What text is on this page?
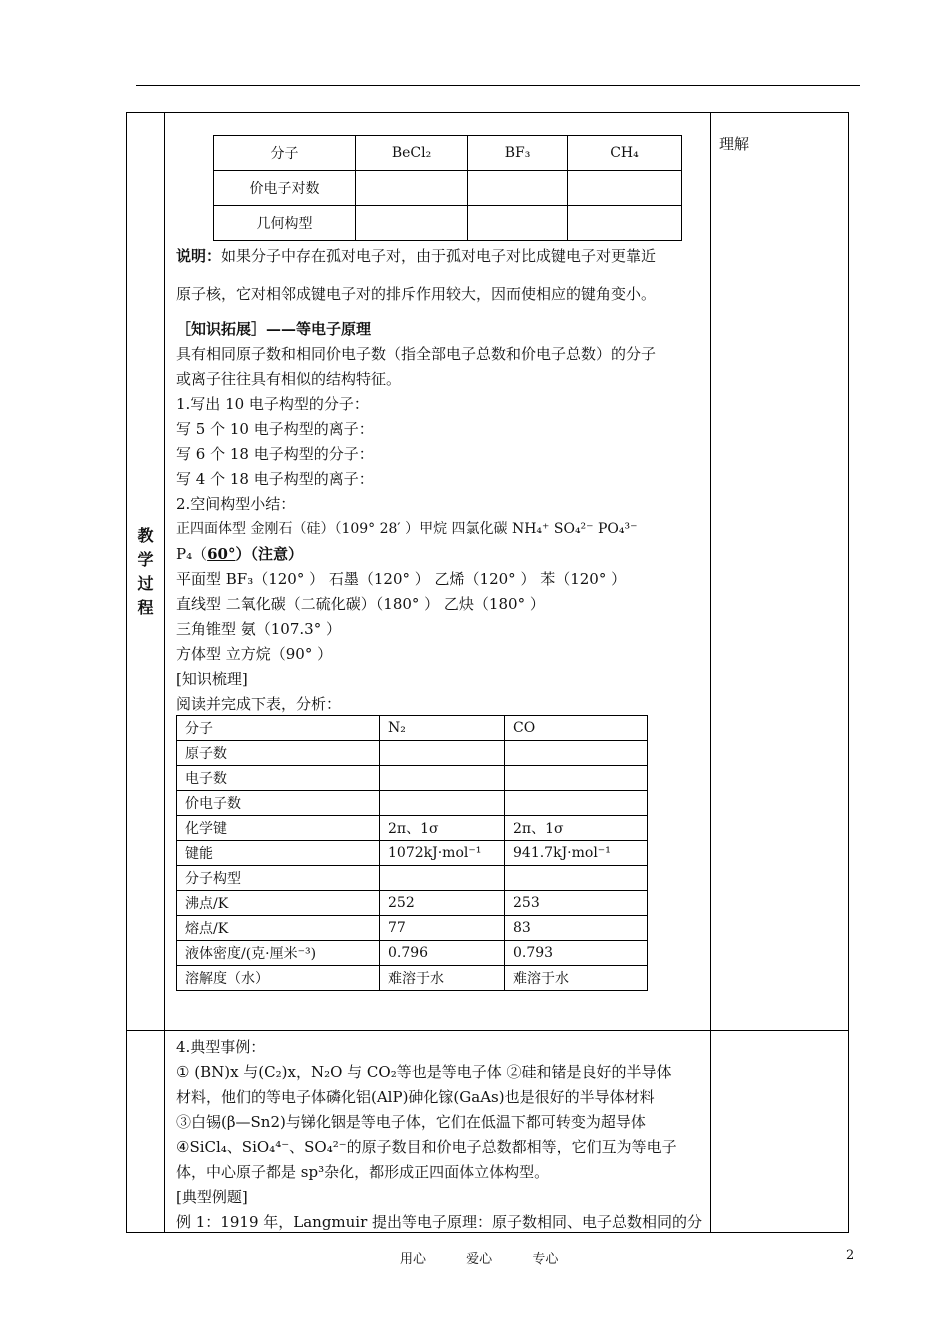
教
学
过
程

分子	BeCl₂	BF₃	CH₄
价电子对数			
几何构型			
	理解

说明：如果分子中存在孤对电子对，由于孤对电子对比成键电子对更靠近
原子核，它对相邻成键电子对的排斥作用较大，因而使相应的键角变小。
［知识拓展］——等电子原理
具有相同原子数和相同价电子数（指全部电子总数和价电子总数）的分子
或离子往往具有相似的结构特征。
1.写出 10 电子构型的分子：
写 5 个 10 电子构型的离子：
写 6 个 18 电子构型的分子：
写 4 个 18 电子构型的离子：
2.空间构型小结：
正四面体型 金刚石（硅）（109° 28′ ）甲烷 四氯化碳 NH₄⁺ SO₄²⁻ PO₄³⁻
P₄（60°）（注意）
平面型 BF₃（120° ） 石墨（120° ） 乙烯（120° ） 苯（120° ）
直线型 二氧化碳（二硫化碳）（180° ） 乙炔（180° ）
三角锥型 氨（107.3° ）
方体型 立方烷（90° ）
[知识梳理]
阅读并完成下表，分析：
分子	N₂	CO
原子数		
电子数		
价电子数		
化学键	2π、1σ	2π、1σ
键能	1072kJ·mol⁻¹	941.7kJ·mol⁻¹
分子构型		
沸点/K	252	253
熔点/K	77	83
液体密度/(克·厘米⁻³)	0.796	0.793
溶解度（水）	难溶于水	难溶于水
4.典型事例：
① (BN)x 与(C₂)x，N₂O 与 CO₂等也是等电子体 ②硅和锗是良好的半导体
材料，他们的等电子体磷化铝(AlP)砷化镓(GaAs)也是很好的半导体材料
③白锡(β—Sn2)与锑化铟是等电子体，它们在低温下都可转变为超导体
④SiCl₄、SiO₄⁴⁻、SO₄²⁻的原子数目和价电子总数都相等，它们互为等电子
体，中心原子都是 sp³杂化，都形成正四面体立体构型。
[典型例题]
例 1：1919 年，Langmuir 提出等电子原理：原子数相同、电子总数相同的分
用心	爱心	专心	2
